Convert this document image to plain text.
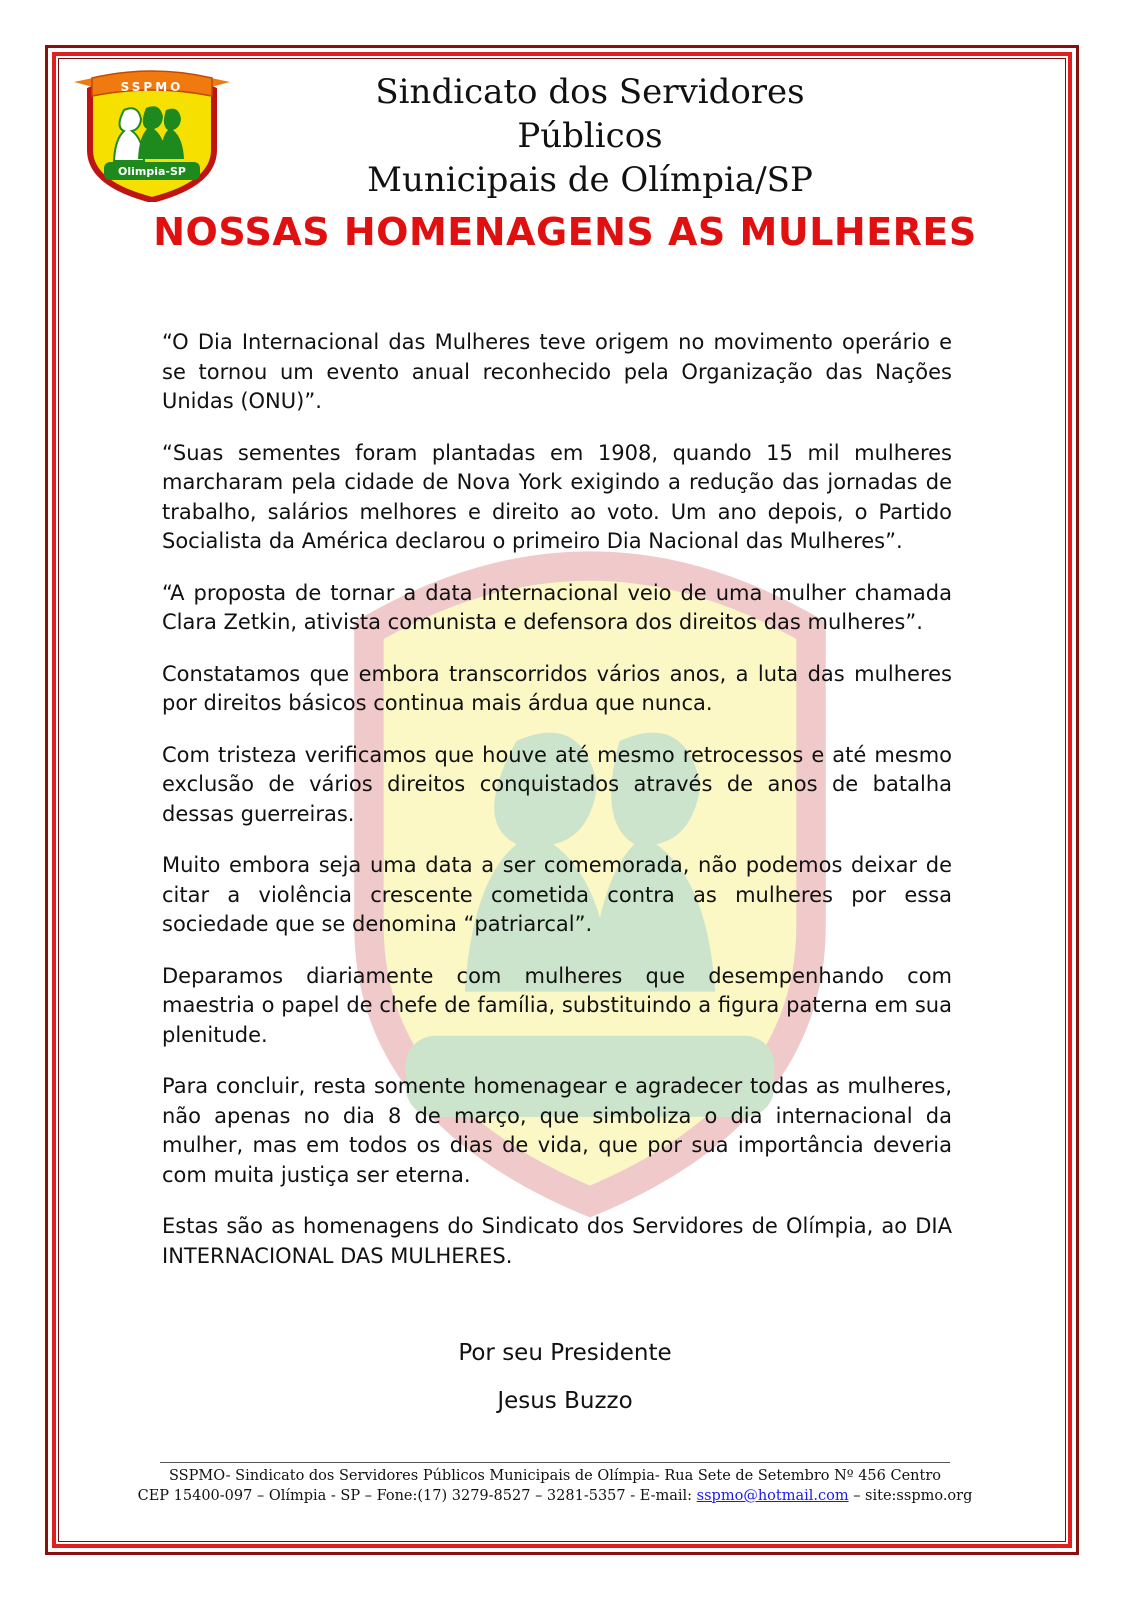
SSPMO
Olimpia-SP
Sindicato dos Servidores Públicos
Municipais de Olímpia/SP
NOSSAS HOMENAGENS AS MULHERES

“O Dia Internacional das Mulheres teve origem no movimento operário e se tornou um evento anual reconhecido pela Organização das Nações Unidas (ONU)”.

“Suas sementes foram plantadas em 1908, quando 15 mil mulheres marcharam pela cidade de Nova York exigindo a redução das jornadas de trabalho, salários melhores e direito ao voto. Um ano depois, o Partido Socialista da América declarou o primeiro Dia Nacional das Mulheres”.

“A proposta de tornar a data internacional veio de uma mulher chamada Clara Zetkin, ativista comunista e defensora dos direitos das mulheres”.

Constatamos que embora transcorridos vários anos, a luta das mulheres por direitos básicos continua mais árdua que nunca.

Com tristeza verificamos que houve até mesmo retrocessos e até mesmo exclusão de vários direitos conquistados através de anos de batalha dessas guerreiras.

Muito embora seja uma data a ser comemorada, não podemos deixar de citar a violência crescente cometida contra as mulheres por essa sociedade que se denomina “patriarcal”.

Deparamos diariamente com mulheres que desempenhando com maestria o papel de chefe de família, substituindo a figura paterna em sua plenitude.

Para concluir, resta somente homenagear e agradecer todas as mulheres, não apenas no dia 8 de março, que simboliza o dia internacional da mulher, mas em todos os dias de vida, que por sua importância deveria com muita justiça ser eterna.

Estas são as homenagens do Sindicato dos Servidores de Olímpia, ao DIA INTERNACIONAL DAS MULHERES.

Por seu Presidente
Jesus Buzzo
SSPMO- Sindicato dos Servidores Públicos Municipais de Olímpia- Rua Sete de Setembro Nº 456 Centro
CEP 15400-097 – Olímpia - SP – Fone:(17) 3279-8527 – 3281-5357 - E-mail: sspmo@hotmail.com – site:sspmo.org
